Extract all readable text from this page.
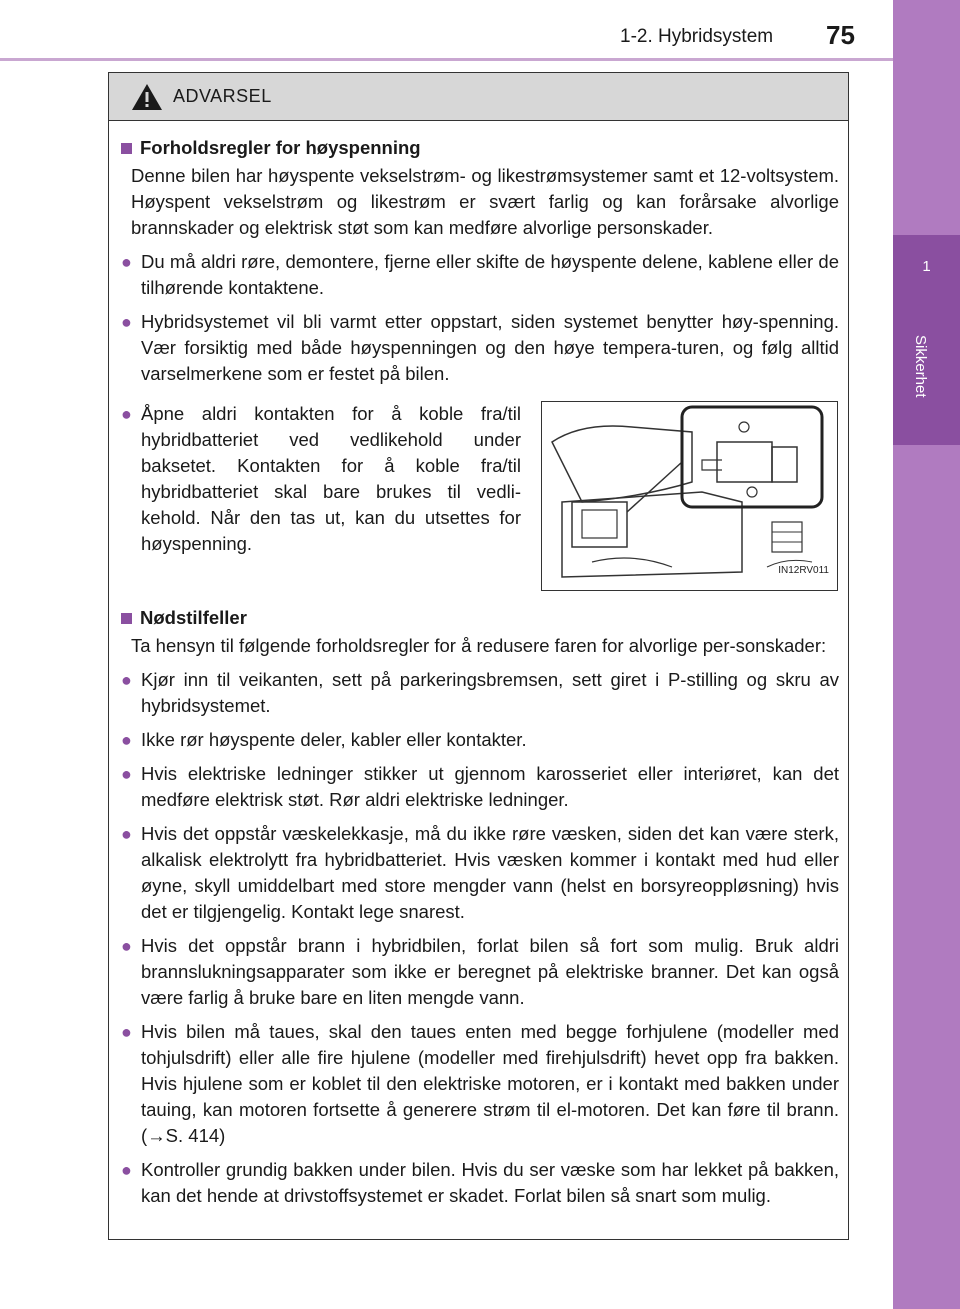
1-2. Hybridsystem 75
1
Sikkerhet
ADVARSEL
Forholdsregler for høyspenning
Denne bilen har høyspente vekselstrøm- og likestrømsystemer samt et 12-voltsystem. Høyspent vekselstrøm og likestrøm er svært farlig og kan forårsake alvorlige brannskader og elektrisk støt som kan medføre alvorlige personskader.
● Du må aldri røre, demontere, fjerne eller skifte de høyspente delene, kablene eller de tilhørende kontaktene.
● Hybridsystemet vil bli varmt etter oppstart, siden systemet benytter høy-spenning. Vær forsiktig med både høyspenningen og den høye tempera-turen, og følg alltid varselmerkene som er festet på bilen.
● Åpne aldri kontakten for å koble fra/til hybridbatteriet ved vedlikehold under baksetet. Kontakten for å koble fra/til hybridbatteriet skal bare brukes til vedli-kehold. Når den tas ut, kan du utsettes for høyspenning.
IN12RV011
Nødstilfeller
Ta hensyn til følgende forholdsregler for å redusere faren for alvorlige per-sonskader:
● Kjør inn til veikanten, sett på parkeringsbremsen, sett giret i P-stilling og skru av hybridsystemet.
● Ikke rør høyspente deler, kabler eller kontakter.
● Hvis elektriske ledninger stikker ut gjennom karosseriet eller interiøret, kan det medføre elektrisk støt. Rør aldri elektriske ledninger.
● Hvis det oppstår væskelekkasje, må du ikke røre væsken, siden det kan være sterk, alkalisk elektrolytt fra hybridbatteriet. Hvis væsken kommer i kontakt med hud eller øyne, skyll umiddelbart med store mengder vann (helst en borsyreoppløsning) hvis det er tilgjengelig. Kontakt lege snarest.
● Hvis det oppstår brann i hybridbilen, forlat bilen så fort som mulig. Bruk aldri brannslukningsapparater som ikke er beregnet på elektriske branner. Det kan også være farlig å bruke bare en liten mengde vann.
● Hvis bilen må taues, skal den taues enten med begge forhjulene (modeller med tohjulsdrift) eller alle fire hjulene (modeller med firehjulsdrift) hevet opp fra bakken. Hvis hjulene som er koblet til den elektriske motoren, er i kontakt med bakken under tauing, kan motoren fortsette å generere strøm til el-motoren. Det kan føre til brann. (→S. 414)
● Kontroller grundig bakken under bilen. Hvis du ser væske som har lekket på bakken, kan det hende at drivstoffsystemet er skadet. Forlat bilen så snart som mulig.
